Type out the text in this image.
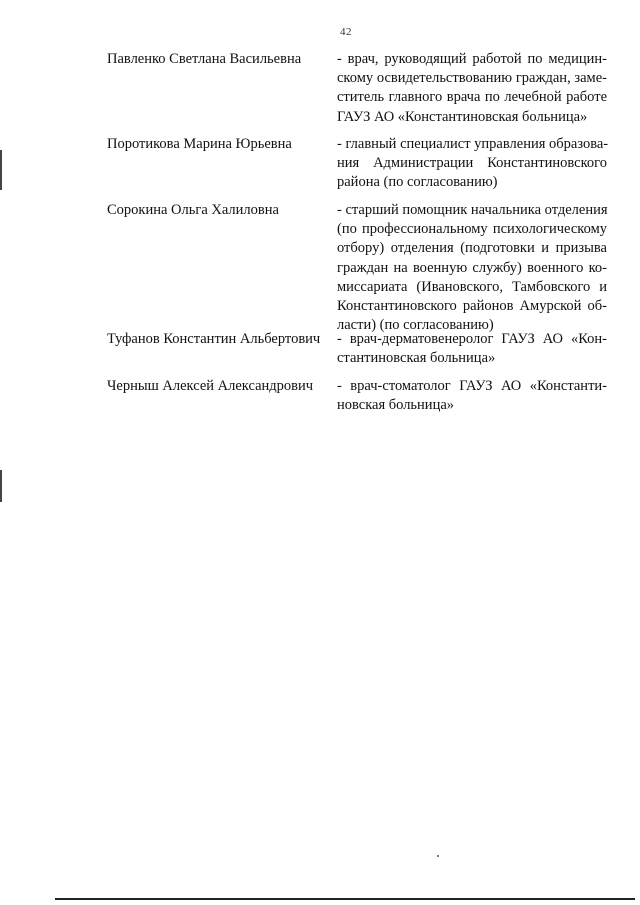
42
Павленко Светлана Васильевна	- врач, руководящий работой по медицин-
скому освидетельствованию граждан, заме-
ститель главного врача по лечебной работе
ГАУЗ АО «Константиновская больница»
Поротикова Марина Юрьевна	- главный специалист управления образова-
ния Администрации Константиновского
района (по согласованию)
Сорокина Ольга Халиловна	- старший помощник начальника отделения
(по профессиональному психологическому
отбору) отделения (подготовки и призыва
граждан на военную службу) военного ко-
миссариата (Ивановского, Тамбовского и
Константиновского районов Амурской об-
ласти) (по согласованию)
Туфанов Константин Альбертович	- врач-дерматовенеролог ГАУЗ АО «Кон-
стантиновская больница»
Черныш Алексей Александрович	- врач-стоматолог ГАУЗ АО «Константи-
новская больница»
